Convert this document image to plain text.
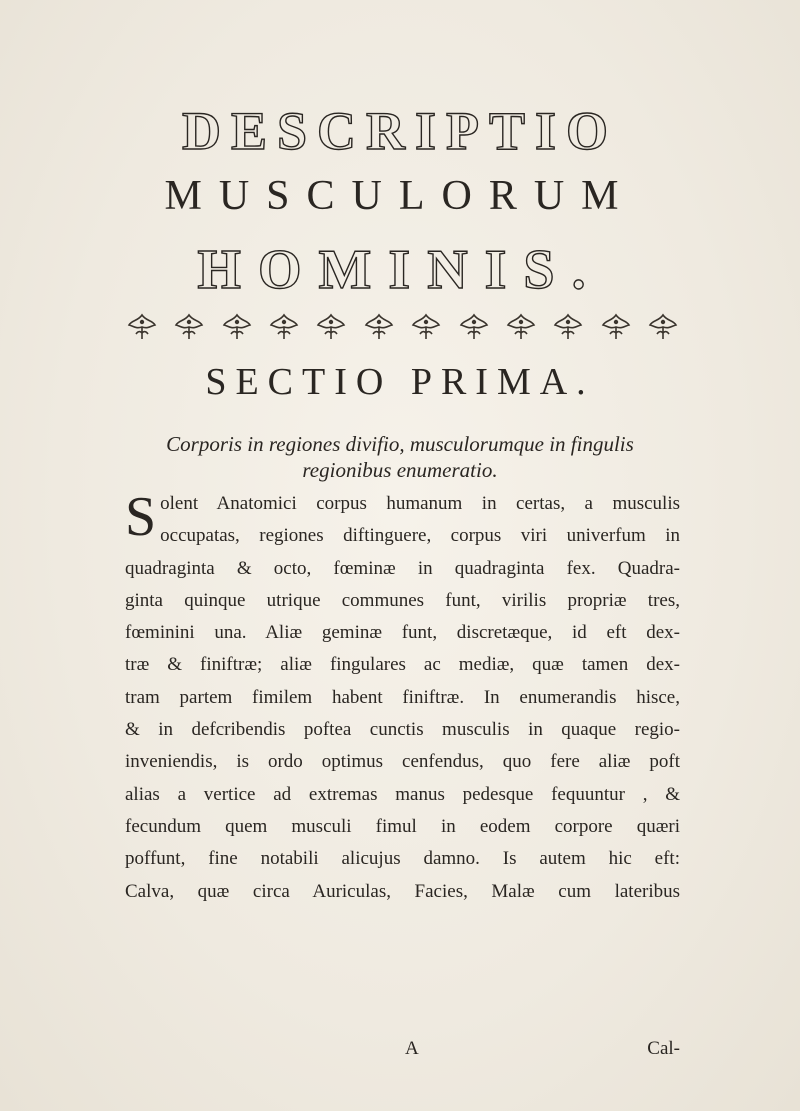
DESCRIPTIO
MUSCULORUM
HOMINIS.
SECTIO PRIMA.
Corporis in regiones divifio, musculorumque in fingulis
regionibus enumeratio.
S olent Anatomici corpus humanum in certas, a musculis
occupatas, regiones diftinguere, corpus viri univerfum in
quadraginta & octo, fœminæ in quadraginta fex. Quadra-
ginta quinque utrique communes funt, virilis propriæ tres,
fœminini una. Aliæ geminæ funt, discretæque, id eft dex-
træ & finiftræ; aliæ fingulares ac mediæ, quæ tamen dex-
tram partem fimilem habent finiftræ. In enumerandis hisce,
& in defcribendis poftea cunctis musculis in quaque regio-
inveniendis, is ordo optimus cenfendus, quo fere aliæ poft
alias a vertice ad extremas manus pedesque fequuntur , &
fecundum quem musculi fimul in eodem corpore quæri
poffunt, fine notabili alicujus damno. Is autem hic eft:
Calva, quæ circa Auriculas, Facies, Malæ cum lateribus
A	Cal-
